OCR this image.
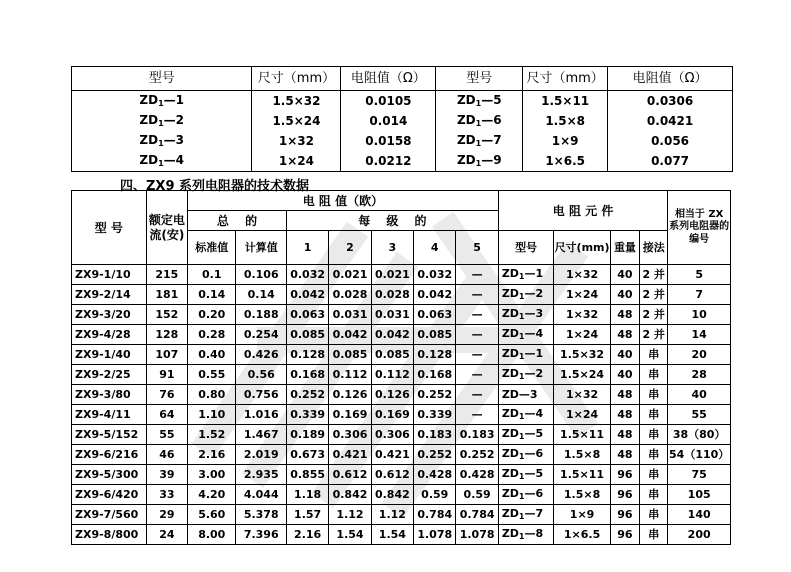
型号	尺寸（mm）	电阻值（Ω）	型号	尺寸（mm）	电阻值（Ω）
$ZD_1—1$	1.5×32	0.0105	$ZD_1—5$	1.5×11	0.0306
$ZD_1—2$	1.5×24	0.014	$ZD_1—6$	1.5×8	0.0421
$ZD_1—3$	1×32	0.0158	$ZD_1—7$	1×9	0.056
$ZD_1—4$	1×24	0.0212	$ZD_1—9$	1×6.5	0.077
四、ZX9 系列电阻器的技术数据
型 号	额定电流(安)	电 阻 值（欧）							电 阻 元 件				相当于 ZX 系列电阻器的编号
		总　 的		每　 级　 的									
		标准值	计算值	1	2	3	4	5	型号	尺寸(mm)	重量	接法	
ZX9-1/10	215	0.1	0.106	0.032	0.021	0.021	0.032	—	$ZD_1—1$	1×32	40	2 并	5
ZX9-2/14	181	0.14	0.14	0.042	0.028	0.028	0.042	—	$ZD_1—2$	1×24	40	2 并	7
ZX9-3/20	152	0.20	0.188	0.063	0.031	0.031	0.063	—	$ZD_1—3$	1×32	48	2 并	10
ZX9-4/28	128	0.28	0.254	0.085	0.042	0.042	0.085	—	$ZD_1—4$	1×24	48	2 并	14
ZX9-1/40	107	0.40	0.426	0.128	0.085	0.085	0.128	—	$ZD_1—1$	1.5×32	40	串	20
ZX9-2/25	91	0.55	0.56	0.168	0.112	0.112	0.168	—	$ZD_1—2$	1.5×24	40	串	28
ZX9-3/80	76	0.80	0.756	0.252	0.126	0.126	0.252	—	ZD—3	1×32	48	串	40
ZX9-4/11	64	1.10	1.016	0.339	0.169	0.169	0.339	—	$ZD_1—4$	1×24	48	串	55
ZX9-5/152	55	1.52	1.467	0.189	0.306	0.306	0.183	0.183	$ZD_1—5$	1.5×11	48	串	38（80）
ZX9-6/216	46	2.16	2.019	0.673	0.421	0.421	0.252	0.252	$ZD_1—6$	1.5×8	48	串	54（110）
ZX9-5/300	39	3.00	2.935	0.855	0.612	0.612	0.428	0.428	$ZD_1—5$	1.5×11	96	串	75
ZX9-6/420	33	4.20	4.044	1.18	0.842	0.842	0.59	0.59	$ZD_1—6$	1.5×8	96	串	105
ZX9-7/560	29	5.60	5.378	1.57	1.12	1.12	0.784	0.784	$ZD_1—7$	1×9	96	串	140
ZX9-8/800	24	8.00	7.396	2.16	1.54	1.54	1.078	1.078	$ZD_1—8$	1×6.5	96	串	200
